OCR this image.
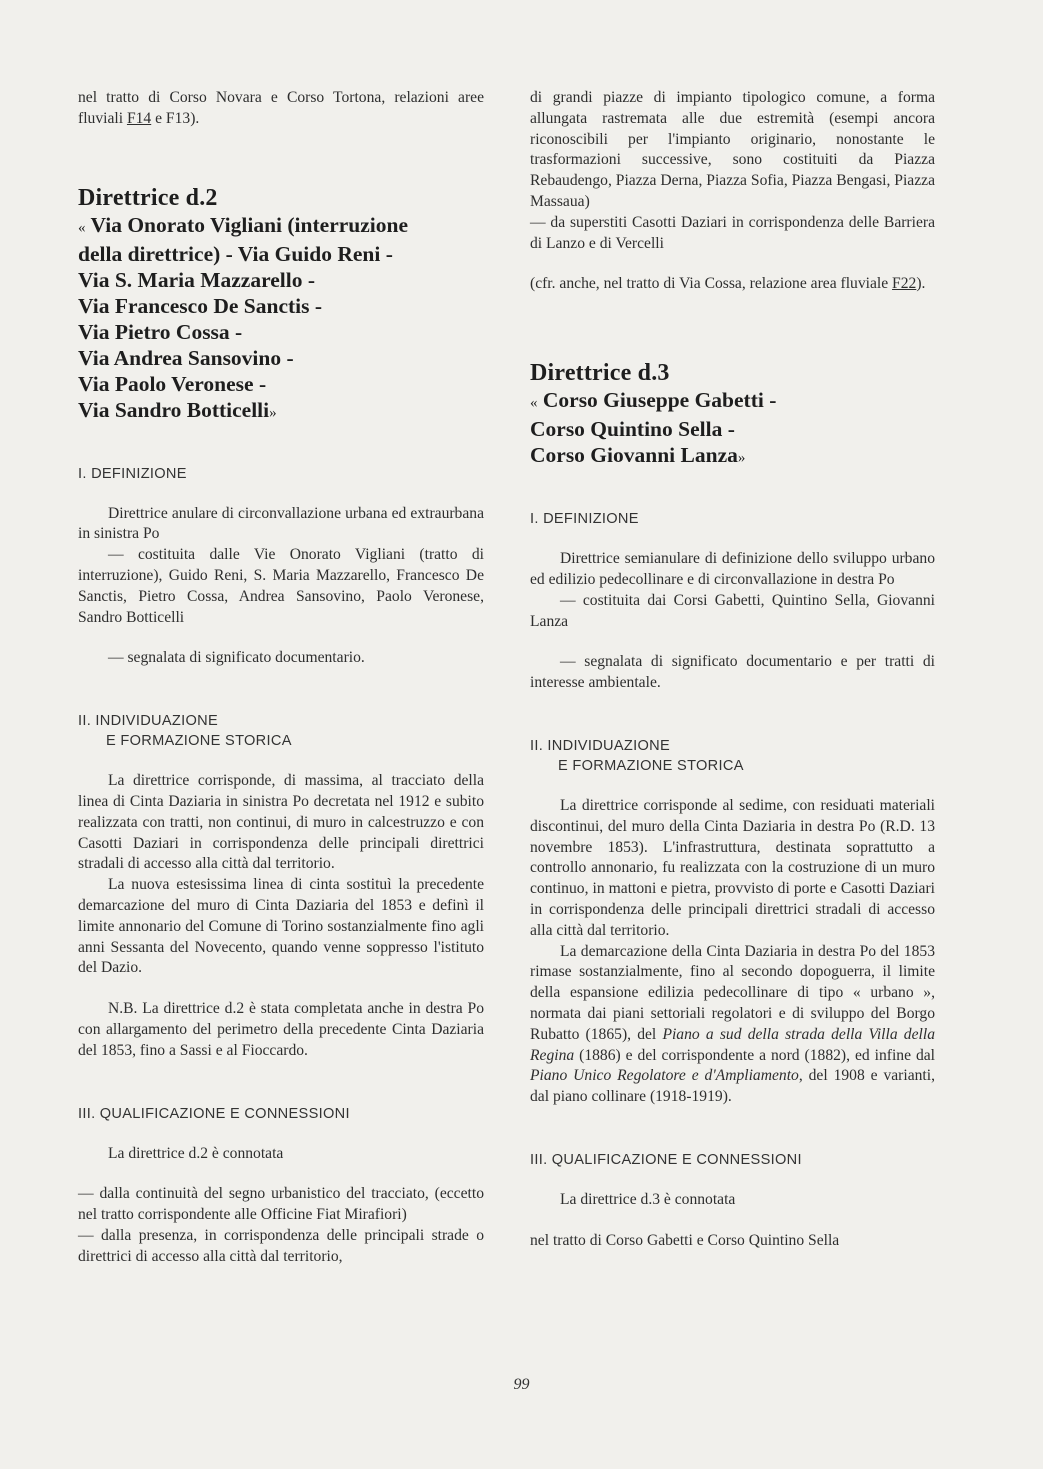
nel tratto di Corso Novara e Corso Tortona, relazioni aree fluviali F14 e F13).

Direttrice d.2
« Via Onorato Vigliani (interruzione
della direttrice) - Via Guido Reni -
Via S. Maria Mazzarello -
Via Francesco De Sanctis -
Via Pietro Cossa -
Via Andrea Sansovino -
Via Paolo Veronese -
Via Sandro Botticelli»
I. DEFINIZIONE

Direttrice anulare di circonvallazione urbana ed extraurbana in sinistra Po

— costituita dalle Vie Onorato Vigliani (tratto di interruzione), Guido Reni, S. Maria Mazzarello, Francesco De Sanctis, Pietro Cossa, Andrea Sansovino, Paolo Veronese, Sandro Botticelli

— segnalata di significato documentario.

II. INDIVIDUAZIONE
E FORMAZIONE STORICA

La direttrice corrisponde, di massima, al tracciato della linea di Cinta Daziaria in sinistra Po decretata nel 1912 e subito realizzata con tratti, non continui, di muro in calcestruzzo e con Casotti Daziari in corrispondenza delle principali direttrici stradali di accesso alla città dal territorio.

La nuova estesissima linea di cinta sostituì la precedente demarcazione del muro di Cinta Daziaria del 1853 e definì il limite annonario del Comune di Torino sostanzialmente fino agli anni Sessanta del Novecento, quando venne soppresso l'istituto del Dazio.

N.B. La direttrice d.2 è stata completata anche in destra Po con allargamento del perimetro della precedente Cinta Daziaria del 1853, fino a Sassi e al Fioccardo.

III. QUALIFICAZIONE E CONNESSIONI

La direttrice d.2 è connotata

— dalla continuità del segno urbanistico del tracciato, (eccetto nel tratto corrispondente alle Officine Fiat Mirafiori)

— dalla presenza, in corrispondenza delle principali strade o direttrici di accesso alla città dal territorio,

di grandi piazze di impianto tipologico comune, a forma allungata rastremata alle due estremità (esempi ancora riconoscibili per l'impianto originario, nonostante le trasformazioni successive, sono costituiti da Piazza Rebaudengo, Piazza Derna, Piazza Sofia, Piazza Bengasi, Piazza Massaua)

— da superstiti Casotti Daziari in corrispondenza delle Barriera di Lanzo e di Vercelli

(cfr. anche, nel tratto di Via Cossa, relazione area fluviale F22).

Direttrice d.3
« Corso Giuseppe Gabetti -
Corso Quintino Sella -
Corso Giovanni Lanza»
I. DEFINIZIONE

Direttrice semianulare di definizione dello sviluppo urbano ed edilizio pedecollinare e di circonvallazione in destra Po

— costituita dai Corsi Gabetti, Quintino Sella, Giovanni Lanza

— segnalata di significato documentario e per tratti di interesse ambientale.

II. INDIVIDUAZIONE
E FORMAZIONE STORICA

La direttrice corrisponde al sedime, con residuati materiali discontinui, del muro della Cinta Daziaria in destra Po (R.D. 13 novembre 1853). L'infrastruttura, destinata soprattutto a controllo annonario, fu realizzata con la costruzione di un muro continuo, in mattoni e pietra, provvisto di porte e Casotti Daziari in corrispondenza delle principali direttrici stradali di accesso alla città dal territorio.

La demarcazione della Cinta Daziaria in destra Po del 1853 rimase sostanzialmente, fino al secondo dopoguerra, il limite della espansione edilizia pedecollinare di tipo « urbano », normata dai piani settoriali regolatori e di sviluppo del Borgo Rubatto (1865), del Piano a sud della strada della Villa della Regina (1886) e del corrispondente a nord (1882), ed infine dal Piano Unico Regolatore e d'Ampliamento, del 1908 e varianti, dal piano collinare (1918-1919).

III. QUALIFICAZIONE E CONNESSIONI

La direttrice d.3 è connotata

nel tratto di Corso Gabetti e Corso Quintino Sella

99
